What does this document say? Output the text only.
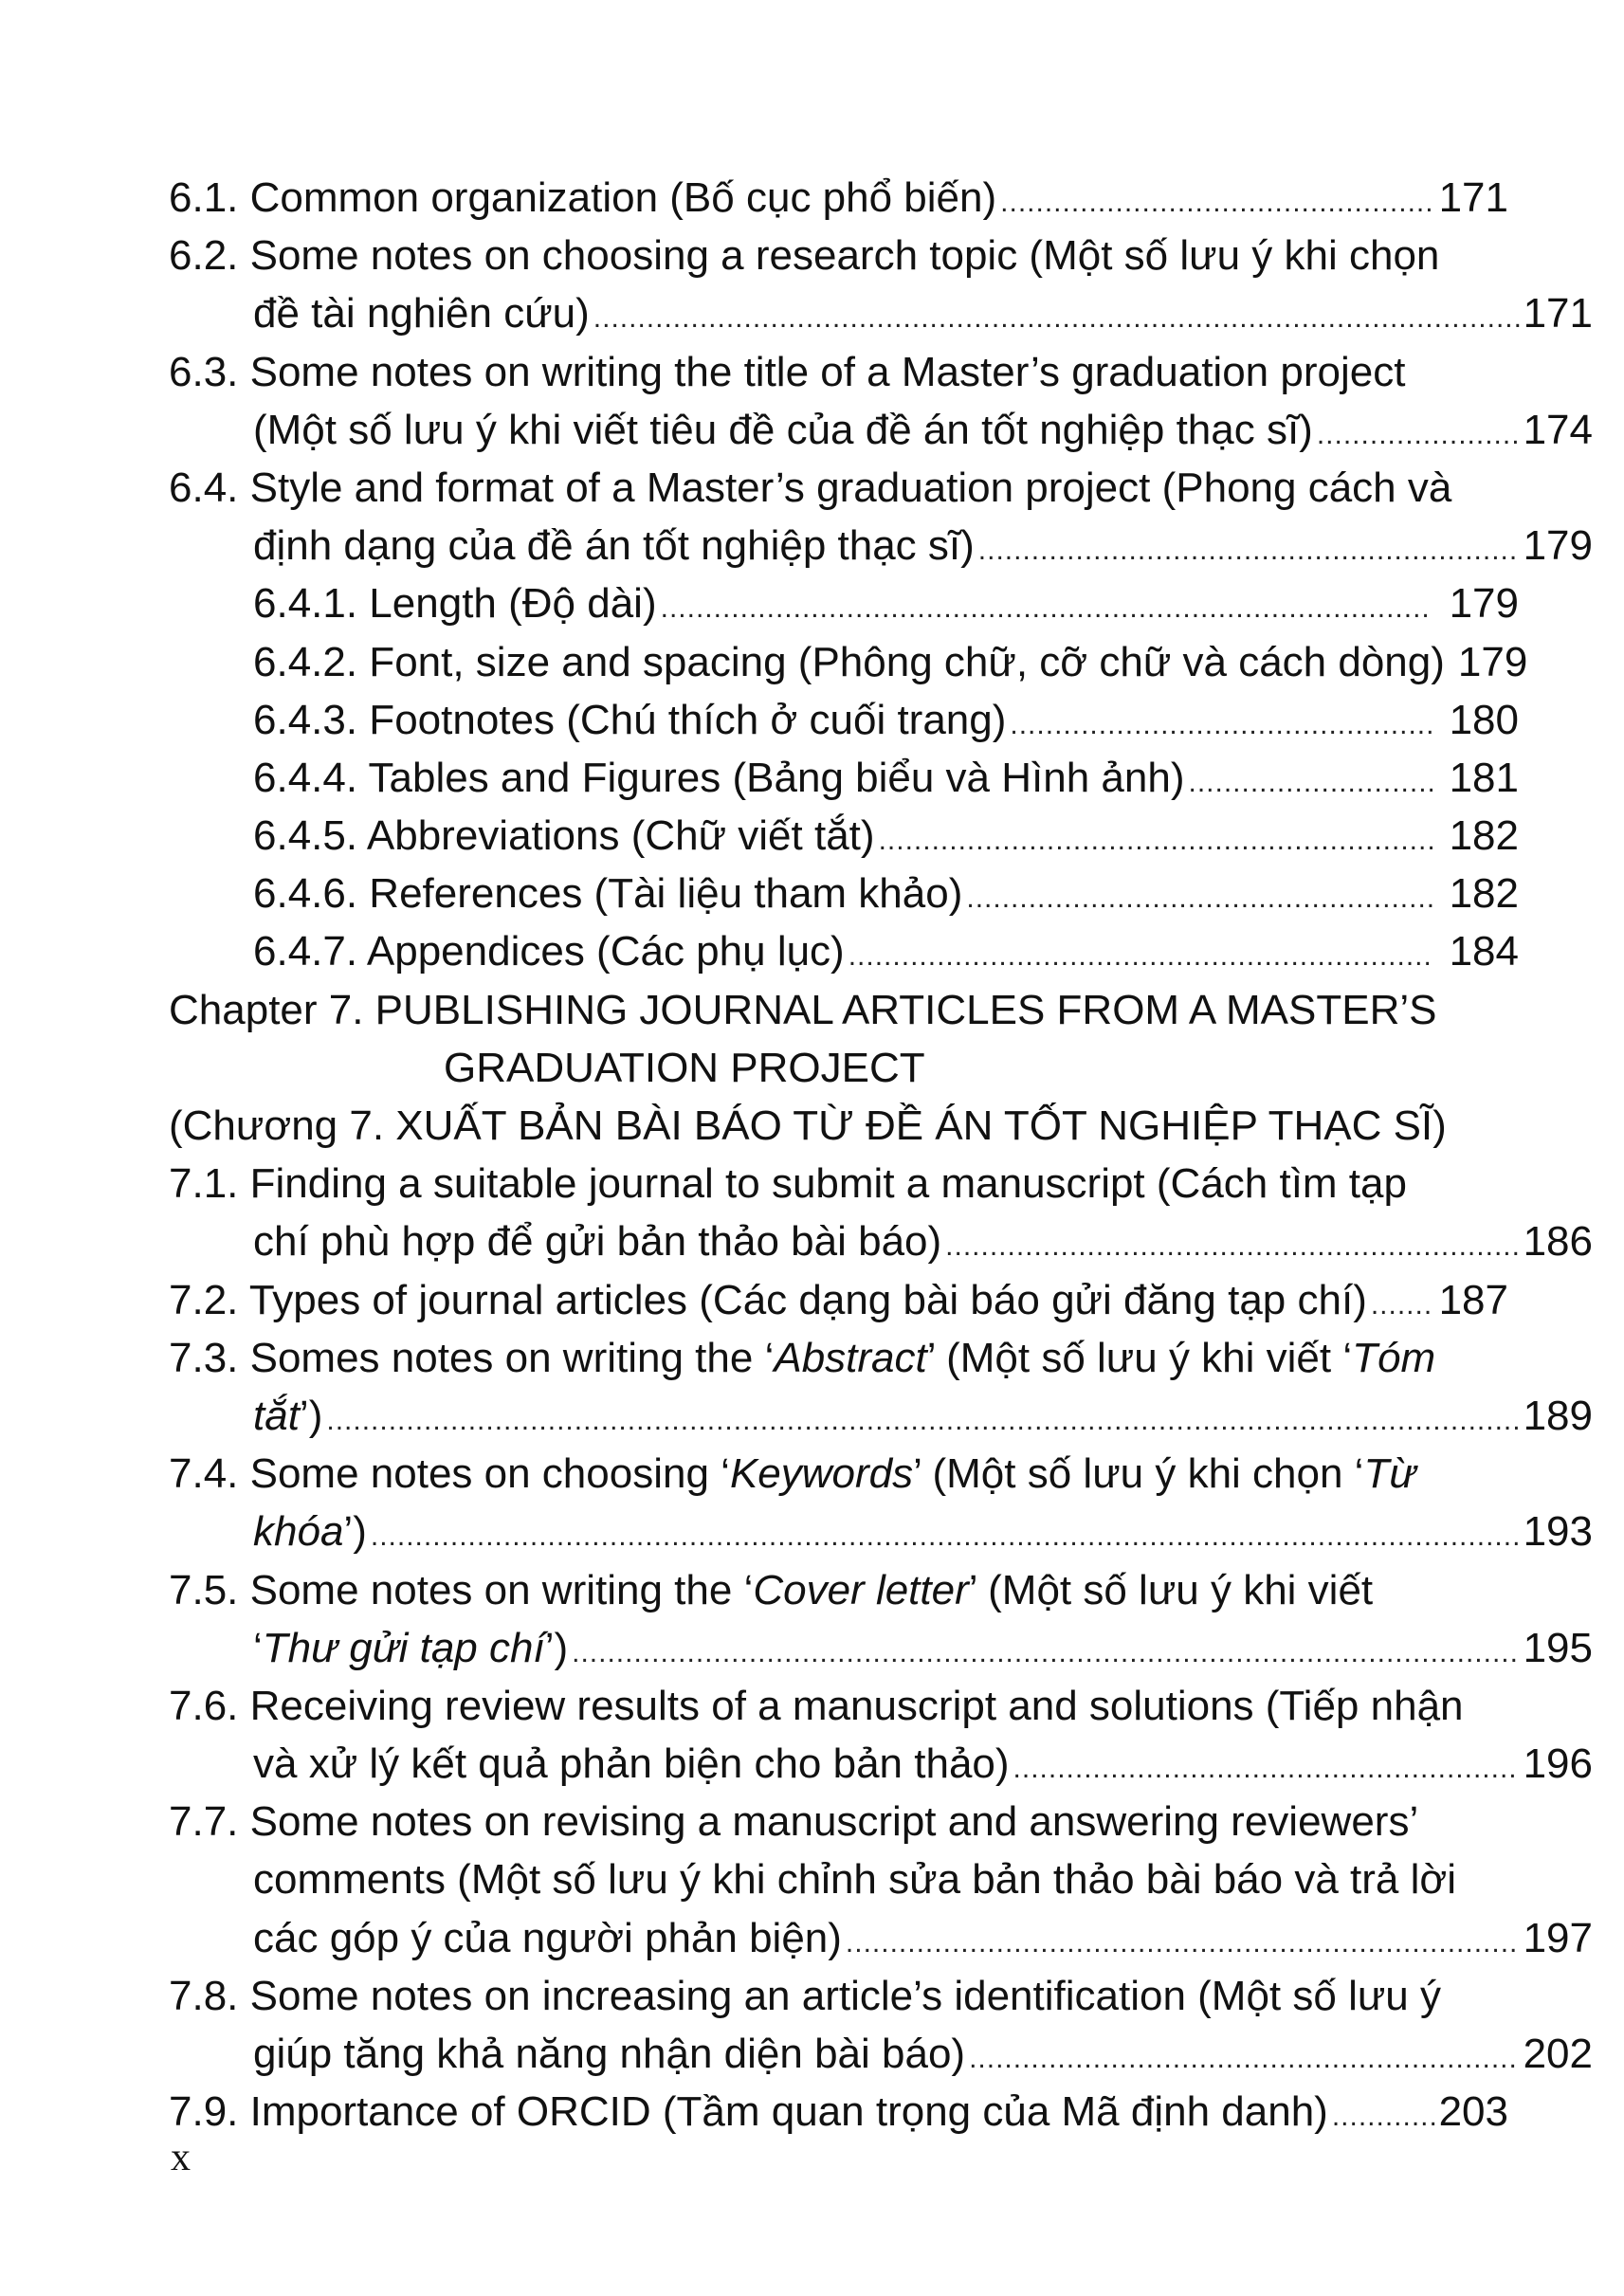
6.1. Common organization (Bố cục phổ biến) .....	171
6.2. Some notes on choosing a research topic (Một số lưu ý khi chọn
đề tài nghiên cứu) .....	171
6.3. Some notes on writing the title of a Master’s graduation project
(Một số lưu ý khi viết tiêu đề của đề án tốt nghiệp thạc sĩ) .....	174
6.4. Style and format of a Master’s graduation project (Phong cách và
định dạng của đề án tốt nghiệp thạc sĩ) .....	179
6.4.1. Length (Độ dài) .....	179
6.4.2. Font, size and spacing (Phông chữ, cỡ chữ và cách dòng) 179
6.4.3. Footnotes (Chú thích ở cuối trang) .....	180
6.4.4. Tables and Figures (Bảng biểu và Hình ảnh) .....	181
6.4.5. Abbreviations (Chữ viết tắt) .....	182
6.4.6. References (Tài liệu tham khảo) .....	182
6.4.7. Appendices (Các phụ lục) .....	184
Chapter 7. PUBLISHING JOURNAL ARTICLES FROM A MASTER’S
GRADUATION PROJECT
(Chương 7. XUẤT BẢN BÀI BÁO TỪ ĐỀ ÁN TỐT NGHIỆP THẠC SĨ)
7.1. Finding a suitable journal to submit a manuscript (Cách tìm tạp
chí phù hợp để gửi bản thảo bài báo) .....	186
7.2. Types of journal articles (Các dạng bài báo gửi đăng tạp chí) ..... 187
7.3. Somes notes on writing the ‘Abstract’ (Một số lưu ý khi viết ‘Tóm
tắt’) .....	189
7.4. Some notes on choosing ‘Keywords’ (Một số lưu ý khi chọn ‘Từ
khóa’) .....	193
7.5. Some notes on writing the ‘Cover letter’ (Một số lưu ý khi viết
‘Thư gửi tạp chí’) .....	195
7.6. Receiving review results of a manuscript and solutions (Tiếp nhận
và xử lý kết quả phản biện cho bản thảo) .....	196
7.7. Some notes on revising a manuscript and answering reviewers’
comments (Một số lưu ý khi chỉnh sửa bản thảo bài báo và trả lời
các góp ý của người phản biện) .....	197
7.8. Some notes on increasing an article’s identification (Một số lưu ý
giúp tăng khả năng nhận diện bài báo) .....	202
7.9. Importance of ORCID (Tầm quan trọng của Mã định danh) .....	203
x
